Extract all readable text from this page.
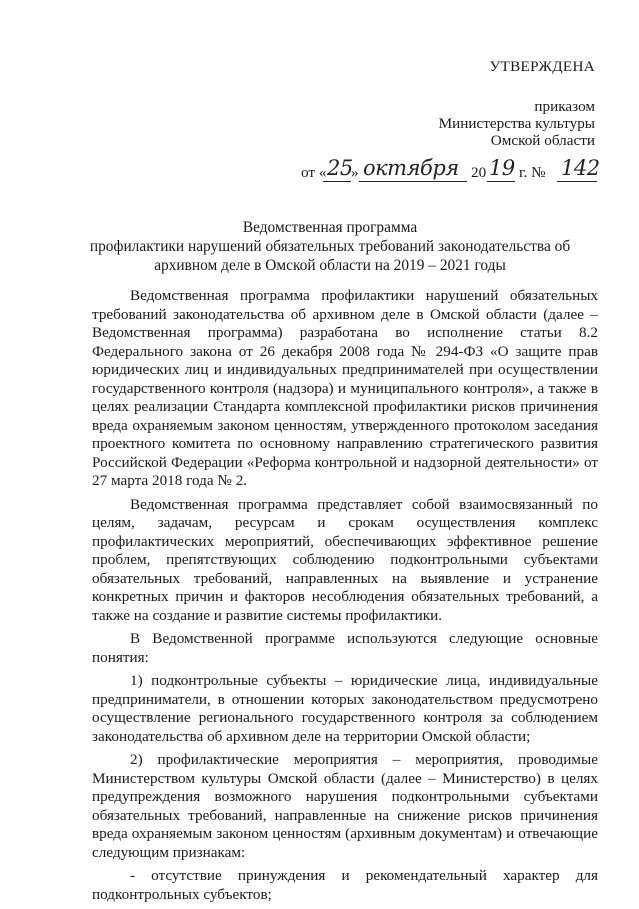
УТВЕРЖДЕНА
приказом
Министерства культуры
Омской области
от « 25
» октября 20 19 г. № 142
Ведомственная программа
профилактики нарушений обязательных требований законодательства об
архивном деле в Омской области на 2019 – 2021 годы

Ведомственная программа профилактики нарушений обязательных требований законодательства об архивном деле в Омской области (далее – Ведомственная программа) разработана во исполнение статьи 8.2 Федерального закона от 26 декабря 2008 года № 294-ФЗ «О защите прав юридических лиц и индивидуальных предпринимателей при осуществлении государственного контроля (надзора) и муниципального контроля», а также в целях реализации Стандарта комплексной профилактики рисков причинения вреда охраняемым законом ценностям, утвержденного протоколом заседания проектного комитета по основному направлению стратегического развития Российской Федерации «Реформа контрольной и надзорной деятельности» от 27 марта 2018 года № 2.

Ведомственная программа представляет собой взаимосвязанный по целям, задачам, ресурсам и срокам осуществления комплекс профилактических мероприятий, обеспечивающих эффективное решение проблем, препятствующих соблюдению подконтрольными субъектами обязательных требований, направленных на выявление и устранение конкретных причин и факторов несоблюдения обязательных требований, а также на создание и развитие системы профилактики.

В Ведомственной программе используются следующие основные понятия:

1) подконтрольные субъекты – юридические лица, индивидуальные предприниматели, в отношении которых законодательством предусмотрено осуществление регионального государственного контроля за соблюдением законодательства об архивном деле на территории Омской области;

2) профилактические мероприятия – мероприятия, проводимые Министерством культуры Омской области (далее – Министерство) в целях предупреждения возможного нарушения подконтрольными субъектами обязательных требований, направленные на снижение рисков причинения вреда охраняемым законом ценностям (архивным документам) и отвечающие следующим признакам:

- отсутствие принуждения и рекомендательный характер для подконтрольных субъектов;
